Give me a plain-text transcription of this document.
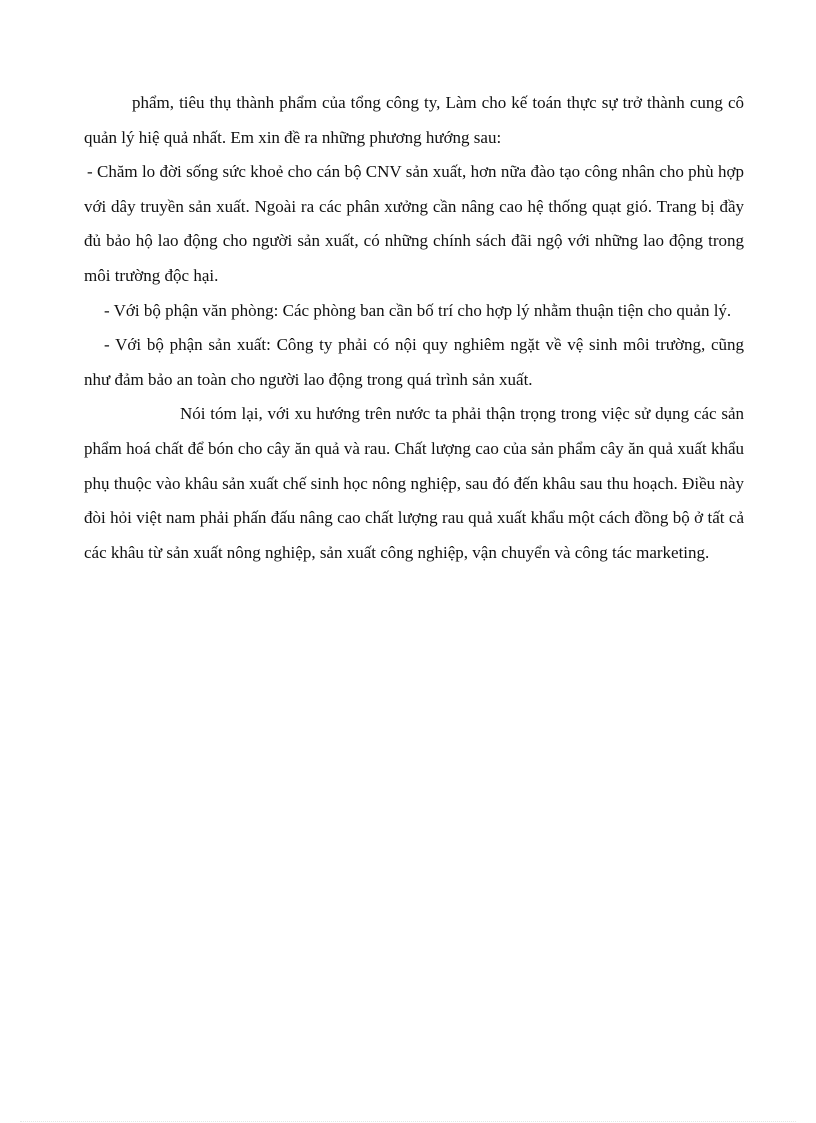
phẩm, tiêu thụ thành phẩm của tổng công ty, Làm cho kế toán thực sự trở thành cung cô quản lý hiệ quả nhất. Em xin đề ra những phương hướng sau:

- Chăm lo đời sống sức khoẻ cho cán bộ CNV sản xuất, hơn nữa đào tạo công nhân cho phù hợp với dây truyền sản xuất. Ngoài ra các phân xưởng cần nâng cao hệ thống quạt gió. Trang bị đầy đủ bảo hộ lao động cho người sản xuất, có những chính sách đãi ngộ với những lao động trong môi trường độc hại.

- Với bộ phận văn phòng: Các phòng ban cần bố trí cho hợp lý nhằm thuận tiện cho quản lý.

- Với bộ phận sản xuất: Công ty phải có nội quy nghiêm ngặt về vệ sinh môi trường, cũng như đảm bảo an toàn cho người lao động trong quá trình sản xuất.

Nói tóm lại, với xu hướng trên nước ta phải thận trọng trong việc sử dụng các sản phẩm hoá chất để bón cho cây ăn quả và rau. Chất lượng cao của sản phẩm cây ăn quả xuất khẩu phụ thuộc vào khâu sản xuất chế sinh học nông nghiệp, sau đó đến khâu sau thu hoạch. Điều này đòi hỏi việt nam phải phấn đấu nâng cao chất lượng rau quả xuất khẩu một cách đồng bộ ở tất cả các khâu từ sản xuất nông nghiệp, sản xuất công nghiệp, vận chuyển và công tác marketing.
